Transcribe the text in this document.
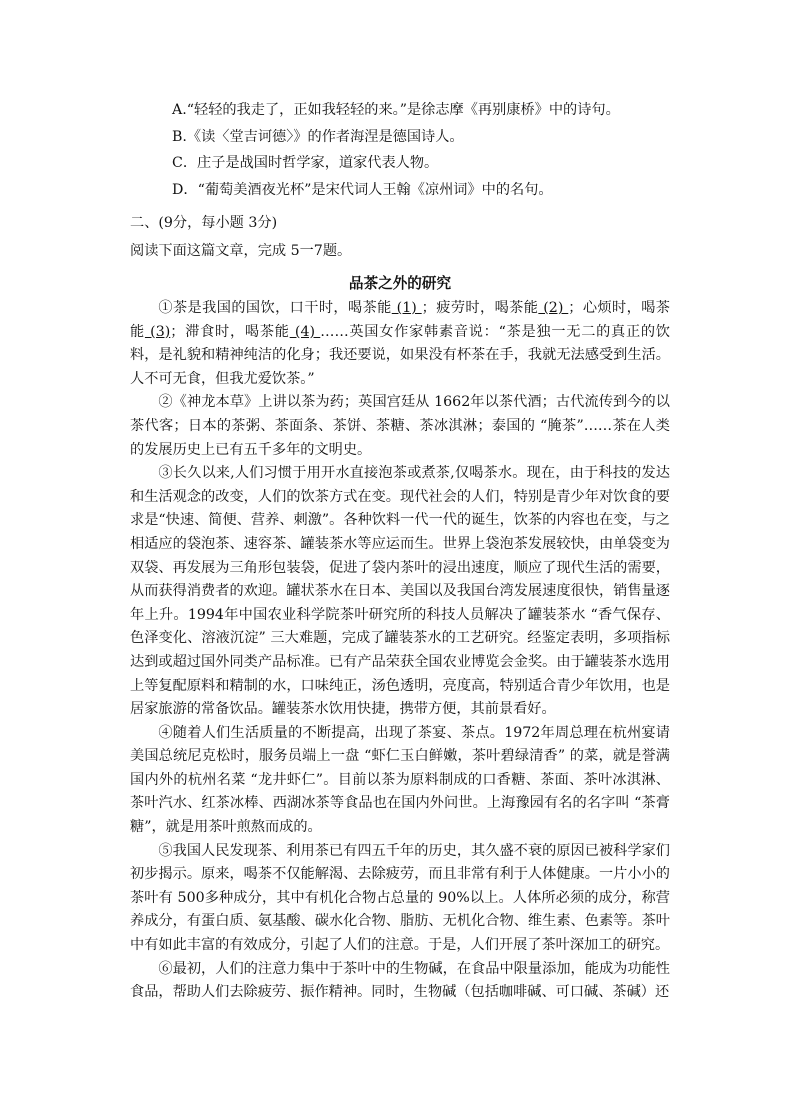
A.“轻轻的我走了，正如我轻轻的来。”是徐志摩《再别康桥》中的诗句。
B.《读〈堂吉诃德〉》的作者海涅是德国诗人。
C．庄子是战国时哲学家，道家代表人物。
D．“葡萄美酒夜光杯”是宋代词人王翰《凉州词》中的名句。
二、(9分，每小题 3分)
阅读下面这篇文章，完成 5一7题。
品茶之外的研究

①茶是我国的国饮，口干时，喝茶能 (1) ；疲劳时，喝茶能 (2) ；心烦时，喝茶能 (3)；滞食时，喝茶能 (4) ……英国女作家韩素音说：“茶是独一无二的真正的饮料，是礼貌和精神纯洁的化身；我还要说，如果没有杯茶在手，我就无法感受到生活。人不可无食，但我尤爱饮茶。”

②《神龙本草》上讲以茶为药；英国宫廷从 1662年以茶代酒；古代流传到今的以茶代客；日本的茶粥、茶面条、茶饼、茶糖、茶冰淇淋；泰国的 “腌茶”……茶在人类的发展历史上已有五千多年的文明史。

③长久以来,人们习惯于用开水直接泡茶或煮茶,仅喝茶水。现在，由于科技的发达和生活观念的改变，人们的饮茶方式在变。现代社会的人们，特别是青少年对饮食的要求是“快速、简便、营养、刺激”。各种饮料一代一代的诞生，饮茶的内容也在变，与之相适应的袋泡茶、速容茶、罐装茶水等应运而生。世界上袋泡茶发展较快，由单袋变为双袋、再发展为三角形包装袋，促进了袋内茶叶的浸出速度，顺应了现代生活的需要，从而获得消费者的欢迎。罐状茶水在日本、美国以及我国台湾发展速度很快，销售量逐年上升。1994年中国农业科学院茶叶研究所的科技人员解决了罐装茶水 “香气保存、色泽变化、溶液沉淀” 三大难题，完成了罐装茶水的工艺研究。经鉴定表明，多项指标达到或超过国外同类产品标准。已有产品荣获全国农业博览会金奖。由于罐装茶水选用上等复配原料和精制的水，口味纯正，汤色透明，亮度高，特别适合青少年饮用，也是居家旅游的常备饮品。罐装茶水饮用快捷，携带方便，其前景看好。

④随着人们生活质量的不断提高，出现了茶宴、茶点。1972年周总理在杭州宴请美国总统尼克松时，服务员端上一盘 “虾仁玉白鲜嫩，茶叶碧绿清香” 的菜，就是誉满国内外的杭州名菜 “龙井虾仁”。目前以茶为原料制成的口香糖、茶面、茶叶冰淇淋、茶叶汽水、红茶冰棒、西湖冰茶等食品也在国内外问世。上海豫园有名的名字叫 “茶膏糖”，就是用茶叶煎熬而成的。

⑤我国人民发现茶、利用茶已有四五千年的历史，其久盛不衰的原因已被科学家们初步揭示。原来，喝茶不仅能解渴、去除疲劳，而且非常有利于人体健康。一片小小的茶叶有 500多种成分，其中有机化合物占总量的 90%以上。人体所必须的成分，称营养成分，有蛋白质、氨基酸、碳水化合物、脂肪、无机化合物、维生素、色素等。茶叶中有如此丰富的有效成分，引起了人们的注意。于是，人们开展了茶叶深加工的研究。

⑥最初，人们的注意力集中于茶叶中的生物碱，在食品中限量添加，能成为功能性食品，帮助人们去除疲劳、振作精神。同时，生物碱（包括咖啡碱、可口碱、茶碱）还
